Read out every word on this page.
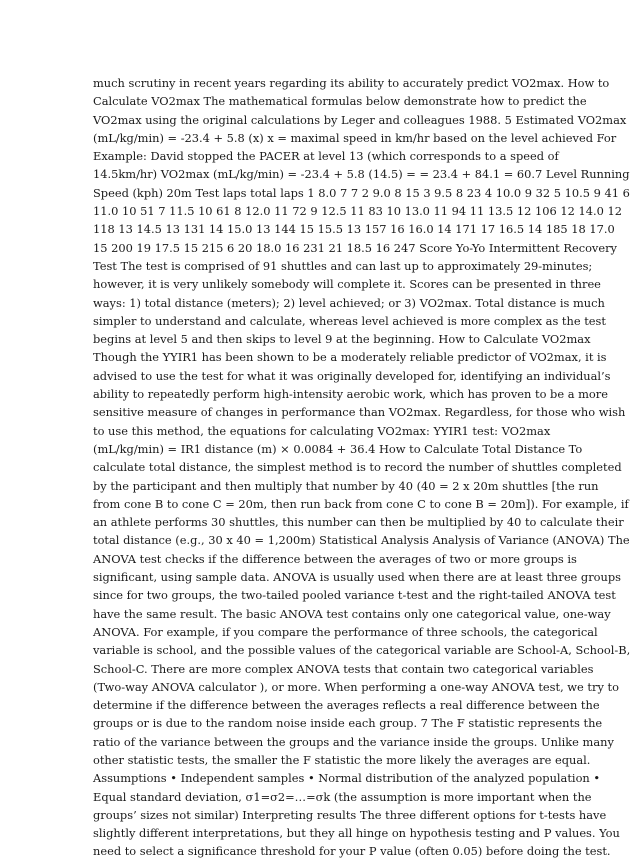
much scrutiny in recent years regarding its ability to accurately predict VO2max. How to
Calculate VO2max The mathematical formulas below demonstrate how to predict the
VO2max using the original calculations by Leger and colleagues 1988. 5 Estimated VO2max
(mL/kg/min) = -23.4 + 5.8 (x) x = maximal speed in km/hr based on the level achieved For
Example: David stopped the PACER at level 13 (which corresponds to a speed of
14.5km/hr) VO2max (mL/kg/min) = -23.4 + 5.8 (14.5) = = 23.4 + 84.1 = 60.7 Level Running
Speed (kph) 20m Test laps total laps 1 8.0 7 7 2 9.0 8 15 3 9.5 8 23 4 10.0 9 32 5 10.5 9 41 6
11.0 10 51 7 11.5 10 61 8 12.0 11 72 9 12.5 11 83 10 13.0 11 94 11 13.5 12 106 12 14.0 12
118 13 14.5 13 131 14 15.0 13 144 15 15.5 13 157 16 16.0 14 171 17 16.5 14 185 18 17.0
15 200 19 17.5 15 215 6 20 18.0 16 231 21 18.5 16 247 Score Yo-Yo Intermittent Recovery
Test The test is comprised of 91 shuttles and can last up to approximately 29-minutes;
however, it is very unlikely somebody will complete it. Scores can be presented in three
ways: 1) total distance (meters); 2) level achieved; or 3) VO2max. Total distance is much
simpler to understand and calculate, whereas level achieved is more complex as the test
begins at level 5 and then skips to level 9 at the beginning. How to Calculate VO2max
Though the YYIR1 has been shown to be a moderately reliable predictor of VO2max, it is
advised to use the test for what it was originally developed for, identifying an individual’s
ability to repeatedly perform high-intensity aerobic work, which has proven to be a more
sensitive measure of changes in performance than VO2max. Regardless, for those who wish
to use this method, the equations for calculating VO2max: YYIR1 test: VO2max
(mL/kg/min) = IR1 distance (m) × 0.0084 + 36.4 How to Calculate Total Distance To
calculate total distance, the simplest method is to record the number of shuttles completed
by the participant and then multiply that number by 40 (40 = 2 x 20m shuttles [the run
from cone B to cone C = 20m, then run back from cone C to cone B = 20m]). For example, if
an athlete performs 30 shuttles, this number can then be multiplied by 40 to calculate their
total distance (e.g., 30 x 40 = 1,200m) Statistical Analysis Analysis of Variance (ANOVA) The
ANOVA test checks if the difference between the averages of two or more groups is
significant, using sample data. ANOVA is usually used when there are at least three groups
since for two groups, the two-tailed pooled variance t-test and the right-tailed ANOVA test
have the same result. The basic ANOVA test contains only one categorical value, one-way
ANOVA. For example, if you compare the performance of three schools, the categorical
variable is school, and the possible values of the categorical variable are School-A, School-B,
School-C. There are more complex ANOVA tests that contain two categorical variables
(Two-way ANOVA calculator ), or more. When performing a one-way ANOVA test, we try to
determine if the difference between the averages reflects a real difference between the
groups or is due to the random noise inside each group. 7 The F statistic represents the
ratio of the variance between the groups and the variance inside the groups. Unlike many
other statistic tests, the smaller the F statistic the more likely the averages are equal.
Assumptions • Independent samples • Normal distribution of the analyzed population •
Equal standard deviation, σ1=σ2=…=σk (the assumption is more important when the
groups’ sizes not similar) Interpreting results The three different options for t-tests have
slightly different interpretations, but they all hinge on hypothesis testing and P values. You
need to select a significance threshold for your P value (often 0.05) before doing the test.
